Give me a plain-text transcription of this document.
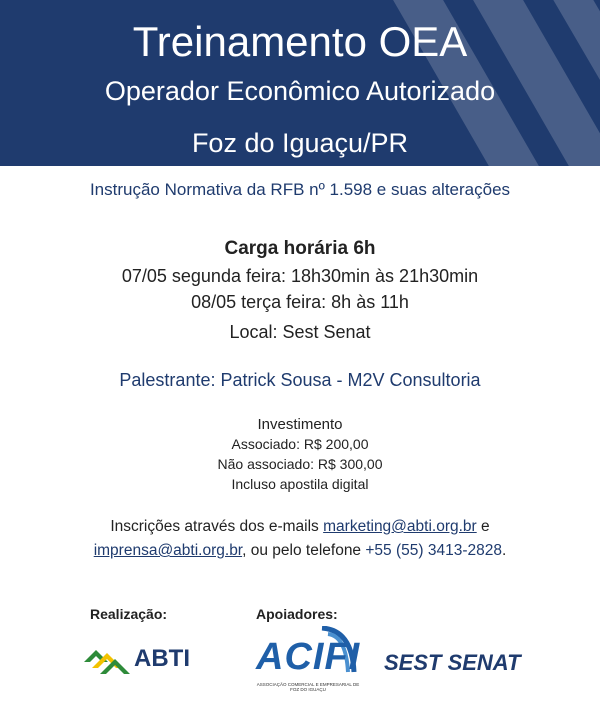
Treinamento OEA
Operador Econômico Autorizado
Foz do Iguaçu/PR
Instrução Normativa da RFB nº 1.598 e suas alterações
Carga horária 6h
07/05 segunda feira: 18h30min às 21h30min
08/05 terça feira: 8h às 11h
Local: Sest Senat
Palestrante: Patrick Sousa - M2V Consultoria
Investimento
Associado: R$ 200,00
Não associado: R$ 300,00
Incluso apostila digital
Inscrições através dos e-mails marketing@abti.org.br e
imprensa@abti.org.br, ou pelo telefone +55 (55) 3413-2828.
Realização:	Apoiadores:
ABTI ACIFI
ASSOCIAÇÃO COMERCIAL E EMPRESARIAL DE FOZ DO IGUAÇU
SEST SENAT
